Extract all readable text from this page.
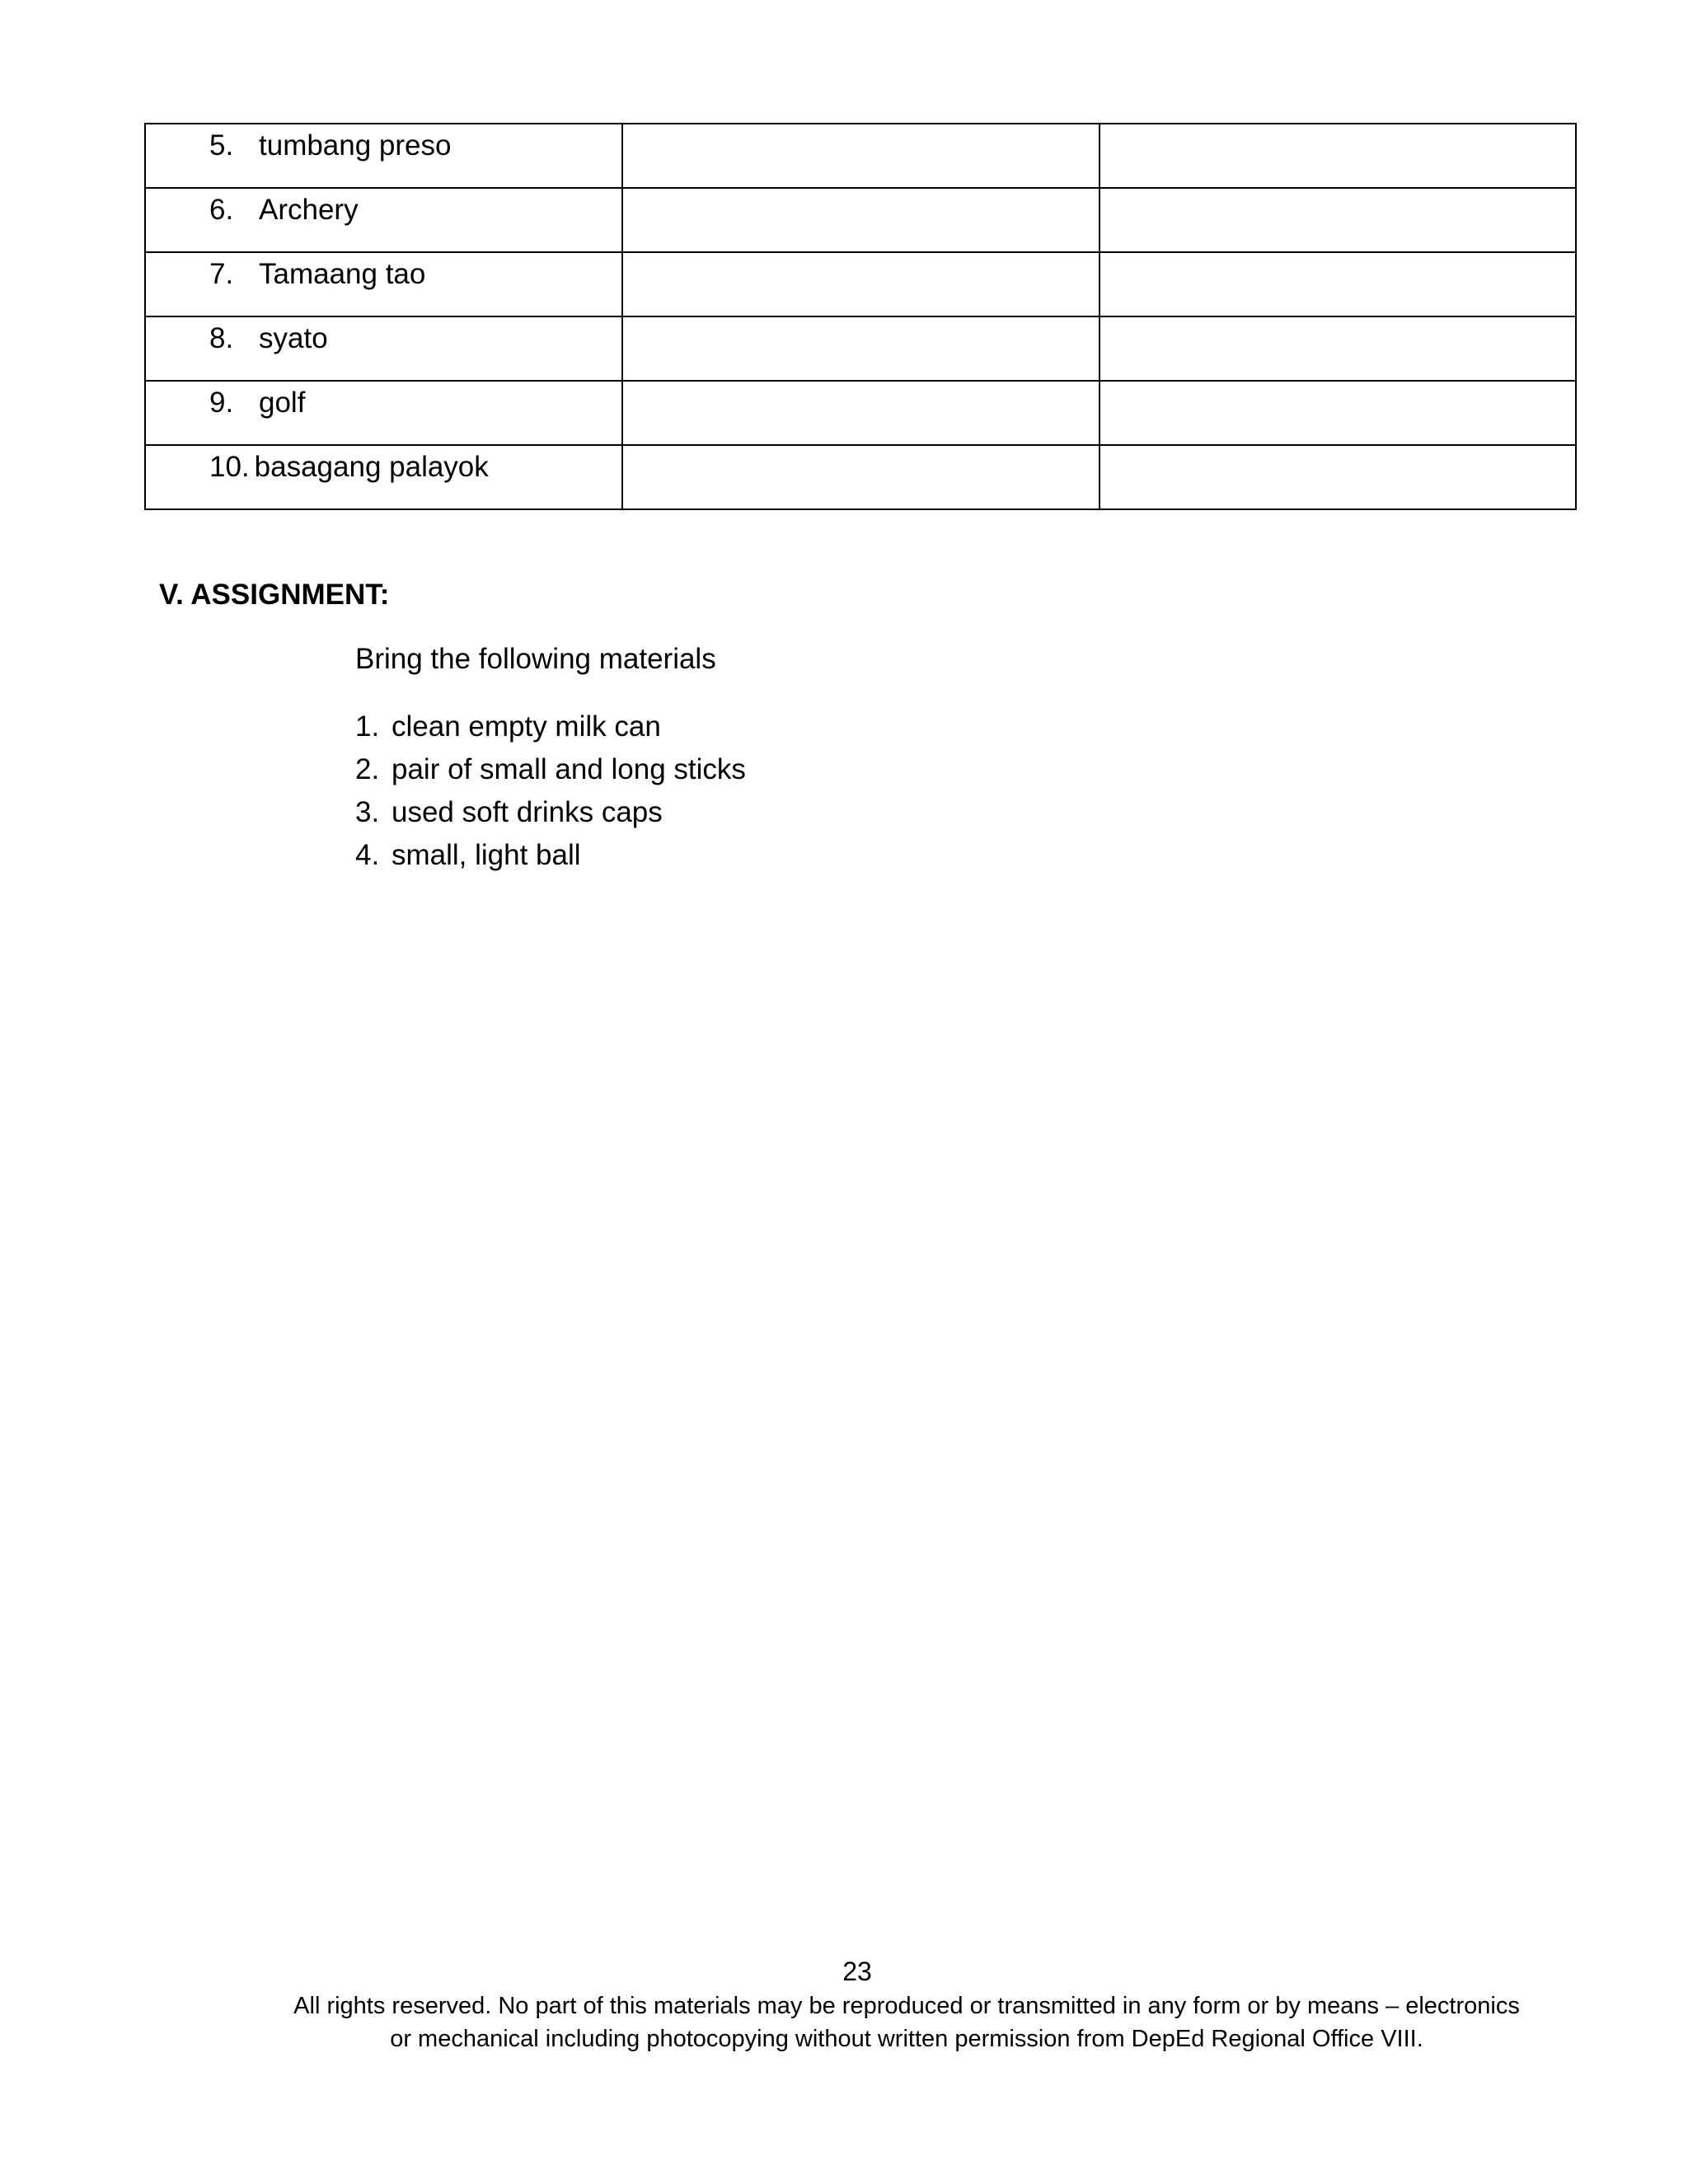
5. tumbang preso		

6. Archery		

7. Tamaang tao		

8. syato		

9. golf		

10. basagang palayok		

V. ASSIGNMENT:

Bring the following materials

1. clean empty milk can
2. pair of small and long sticks
3. used soft drinks caps
4. small, light ball
23
All rights reserved. No part of this materials may be reproduced or transmitted in any form or by means – electronics
or mechanical including photocopying without written permission from DepEd Regional Office VIII.
